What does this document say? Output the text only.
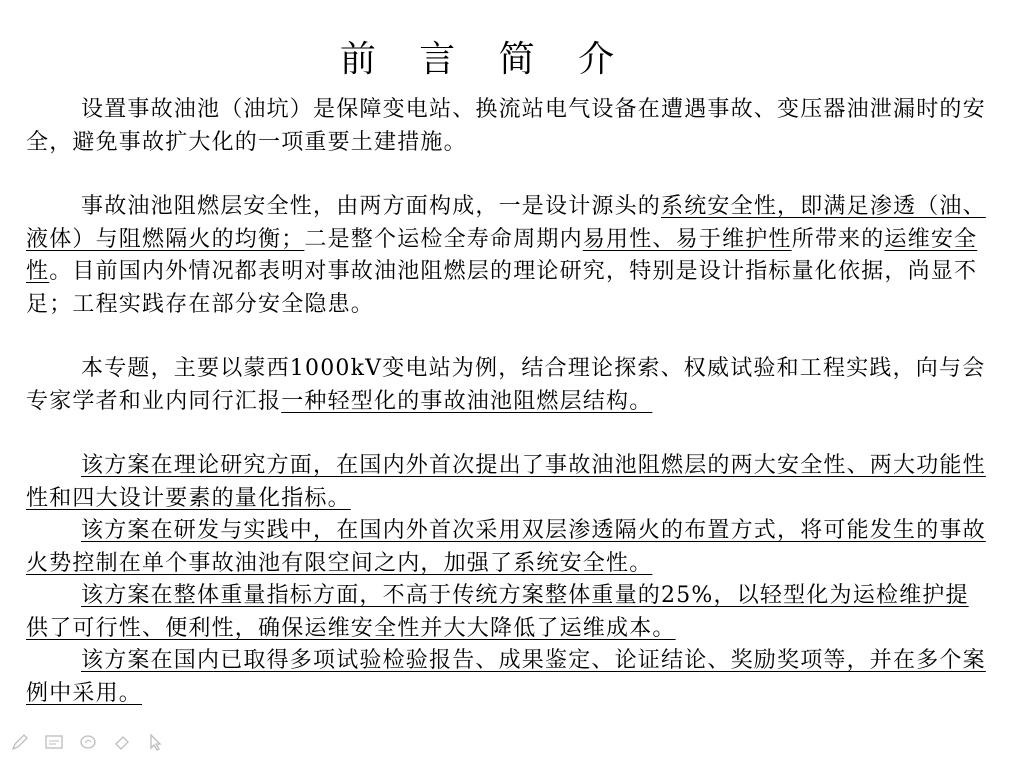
前 言 简 介

设置事故油池（油坑）是保障变电站、换流站电气设备在遭遇事故、变压器油泄漏时的安全，避免事故扩大化的一项重要土建措施。

事故油池阻燃层安全性，由两方面构成，一是设计源头的系统安全性，即满足渗透（油、液体）与阻燃隔火的均衡；二是整个运检全寿命周期内易用性、易于维护性所带来的运维安全性。目前国内外情况都表明对事故油池阻燃层的理论研究，特别是设计指标量化依据，尚显不足；工程实践存在部分安全隐患。

本专题，主要以蒙西1000kV变电站为例，结合理论探索、权威试验和工程实践，向与会专家学者和业内同行汇报一种轻型化的事故油池阻燃层结构。

该方案在理论研究方面，在国内外首次提出了事故油池阻燃层的两大安全性、两大功能性性和四大设计要素的量化指标。

该方案在研发与实践中，在国内外首次采用双层渗透隔火的布置方式，将可能发生的事故火势控制在单个事故油池有限空间之内，加强了系统安全性。

该方案在整体重量指标方面，不高于传统方案整体重量的25%，以轻型化为运检维护提供了可行性、便利性，确保运维安全性并大大降低了运维成本。

该方案在国内已取得多项试验检验报告、成果鉴定、论证结论、奖励奖项等，并在多个案例中采用。
